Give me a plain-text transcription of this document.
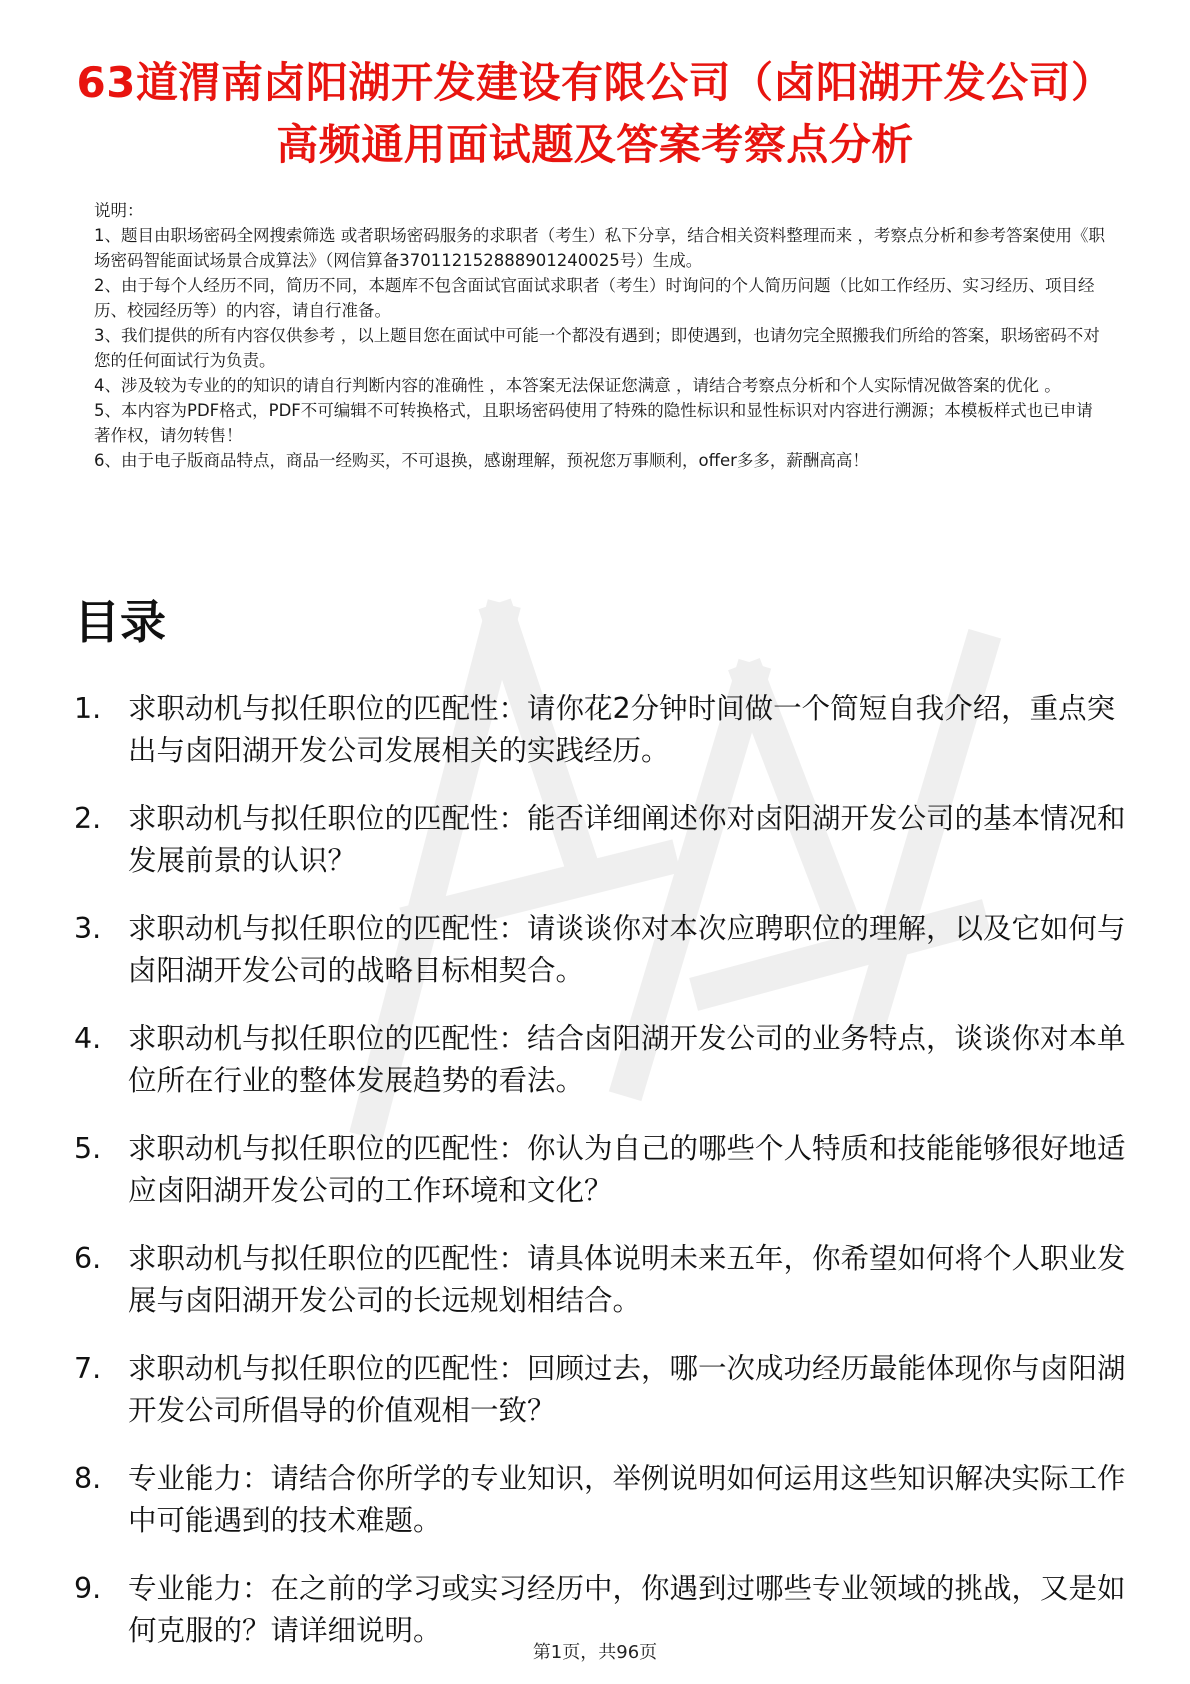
63道渭南卤阳湖开发建设有限公司（卤阳湖开发公司）高频通用面试题及答案考察点分析
说明：
1、题目由职场密码全网搜索筛选 或者职场密码服务的求职者（考生）私下分享，结合相关资料整理而来 ，考察点分析和参考答案使用《职场密码智能面试场景合成算法》（网信算备370112152888901240025号）生成。
2、由于每个人经历不同，简历不同，本题库不包含面试官面试求职者（考生）时询问的个人简历问题（比如工作经历、实习经历、项目经历、校园经历等）的内容，请自行准备。
3、我们提供的所有内容仅供参考 ，以上题目您在面试中可能一个都没有遇到；即使遇到，也请勿完全照搬我们所给的答案，职场密码不对您的任何面试行为负责。
4、涉及较为专业的的知识的请自行判断内容的准确性 ，本答案无法保证您满意 ，请结合考察点分析和个人实际情况做答案的优化 。
5、本内容为PDF格式，PDF不可编辑不可转换格式，且职场密码使用了特殊的隐性标识和显性标识对内容进行溯源；本模板样式也已申请著作权，请勿转售！
6、由于电子版商品特点，商品一经购买，不可退换，感谢理解，预祝您万事顺利，offer多多，薪酬高高！
目录
1. 求职动机与拟任职位的匹配性：请你花2分钟时间做一个简短自我介绍，重点突出与卤阳湖开发公司发展相关的实践经历。
2. 求职动机与拟任职位的匹配性：能否详细阐述你对卤阳湖开发公司的基本情况和发展前景的认识？
3. 求职动机与拟任职位的匹配性：请谈谈你对本次应聘职位的理解，以及它如何与卤阳湖开发公司的战略目标相契合。
4. 求职动机与拟任职位的匹配性：结合卤阳湖开发公司的业务特点，谈谈你对本单位所在行业的整体发展趋势的看法。
5. 求职动机与拟任职位的匹配性：你认为自己的哪些个人特质和技能能够很好地适应卤阳湖开发公司的工作环境和文化？
6. 求职动机与拟任职位的匹配性：请具体说明未来五年，你希望如何将个人职业发展与卤阳湖开发公司的长远规划相结合。
7. 求职动机与拟任职位的匹配性：回顾过去，哪一次成功经历最能体现你与卤阳湖开发公司所倡导的价值观相一致？
8. 专业能力：请结合你所学的专业知识，举例说明如何运用这些知识解决实际工作中可能遇到的技术难题。
9. 专业能力：在之前的学习或实习经历中，你遇到过哪些专业领域的挑战，又是如何克服的？请详细说明。
第1页，共96页
